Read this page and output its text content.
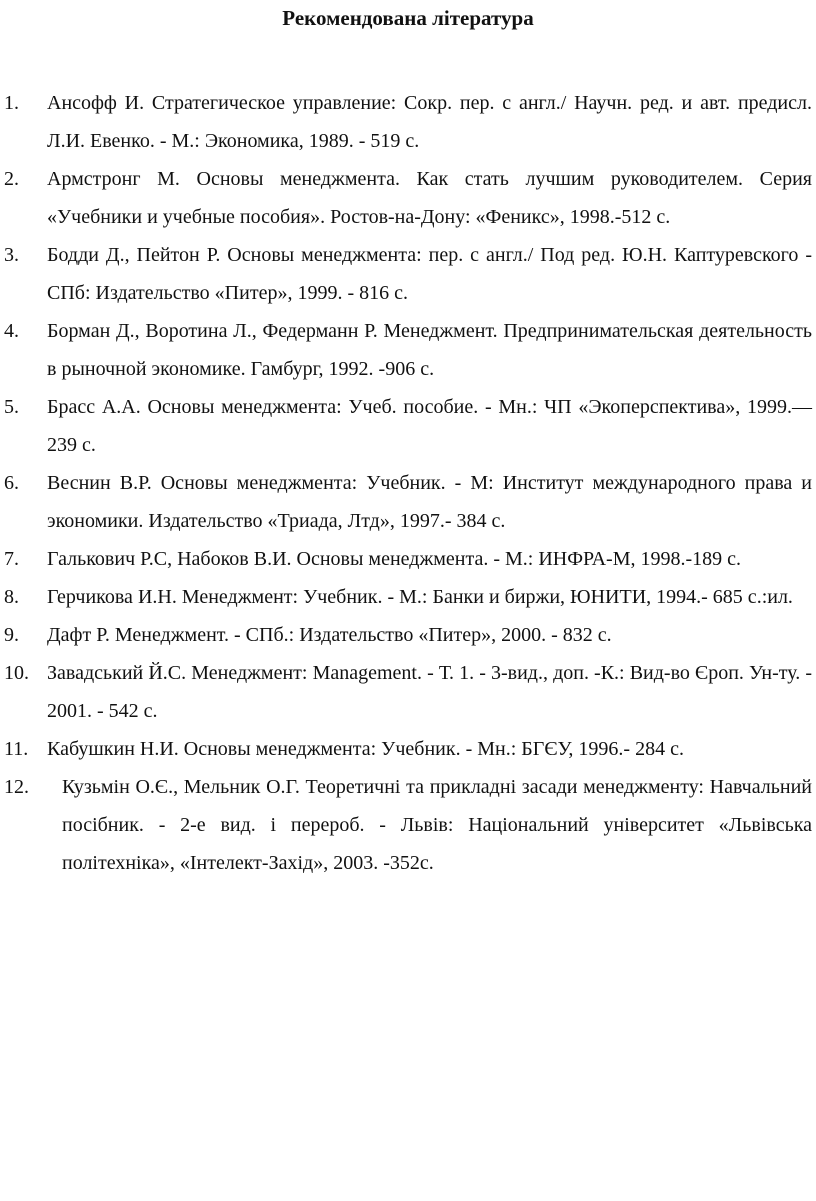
Рекомендована література
1. Ансофф И. Стратегическое управление: Сокр. пер. с англ./ Научн. ред. и авт. предисл. Л.И. Евенко. - М.: Экономика, 1989. - 519 с.
2. Армстронг М. Основы менеджмента. Как стать лучшим руководителем. Серия «Учебники и учебные пособия». Ростов-на-Дону: «Феникс», 1998.-512 с.
3. Бодди Д., Пейтон Р. Основы менеджмента: пер. с англ./ Под ред. Ю.Н. Каптуревского - СПб: Издательство «Питер», 1999. - 816 с.
4. Борман Д., Воротина Л., Федерманн Р. Менеджмент. Предпринимательская деятельность в рыночной экономике. Гамбург, 1992. -906 с.
5. Брасс А.А. Основы менеджмента: Учеб. пособие. - Мн.: ЧП «Экоперспектива», 1999.—239 с.
6. Веснин В.Р. Основы менеджмента: Учебник. - М: Институт международного права и экономики. Издательство «Триада, Лтд», 1997.- 384 с.
7. Галькович Р.С, Набоков В.И. Основы менеджмента. - М.: ИНФРА-М, 1998.-189 с.
8. Герчикова И.Н. Менеджмент: Учебник. - М.: Банки и биржи, ЮНИТИ, 1994.- 685 с.:ил.
9. Дафт Р. Менеджмент. - СПб.: Издательство «Питер», 2000. - 832 с.
10. Завадський Й.С. Менеджмент: Management. - Т. 1. - 3-вид., доп. -К.: Вид-во Єроп. Ун-ту. - 2001. - 542 с.
11. Кабушкин Н.И. Основы менеджмента: Учебник. - Мн.: БГЄУ, 1996.- 284 с.
12. Кузьмін О.Є., Мельник О.Г. Теоретичні та прикладні засади менеджменту: Навчальний посібник. - 2-е вид. і перероб. - Львів: Національний університет «Львівська політехніка», «Інтелект-Захід», 2003. -352с.
